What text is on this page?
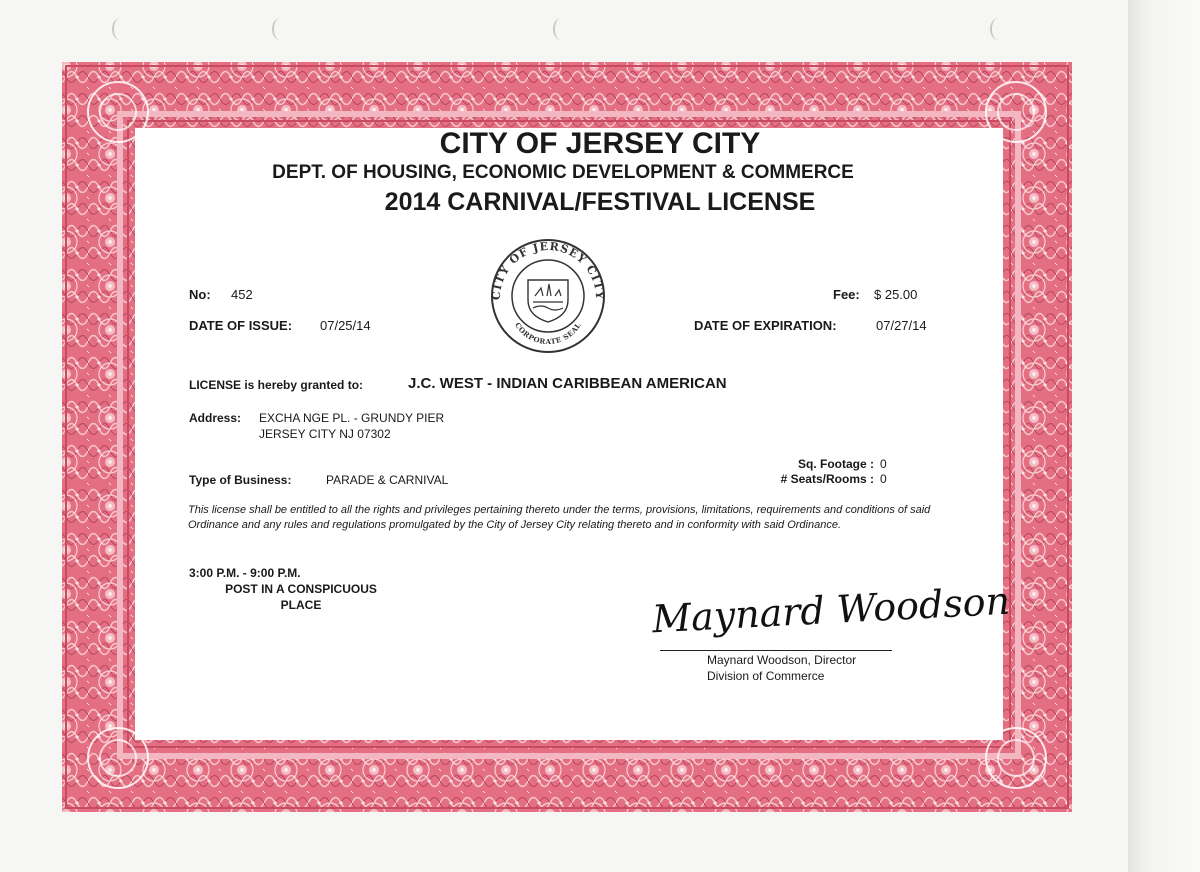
CITY OF JERSEY CITY
DEPT. OF HOUSING, ECONOMIC DEVELOPMENT & COMMERCE
2014 CARNIVAL/FESTIVAL LICENSE
CITY OF JERSEY CITY
CORPORATE SEAL
No: 452	Fee: $ 25.00
DATE OF ISSUE: 07/25/14	DATE OF EXPIRATION:	07/27/14
LICENSE is hereby granted to:	J.C. WEST - INDIAN CARIBBEAN AMERICAN
Address: EXCHA NGE PL. - GRUNDY PIER
JERSEY CITY NJ 07302
Sq. Footage : 0
# Seats/Rooms : 0
Type of Business:	PARADE & CARNIVAL
This license shall be entitled to all the rights and privileges pertaining thereto under the terms, provisions, limitations, requirements and conditions of said Ordinance and any rules and regulations promulgated by the City of Jersey City relating thereto and in conformity with said Ordinance.
3:00 P.M. - 9:00 P.M.
POST IN A CONSPICUOUS
PLACE	Maynard Woodson
Maynard Woodson, Director
Division of Commerce
